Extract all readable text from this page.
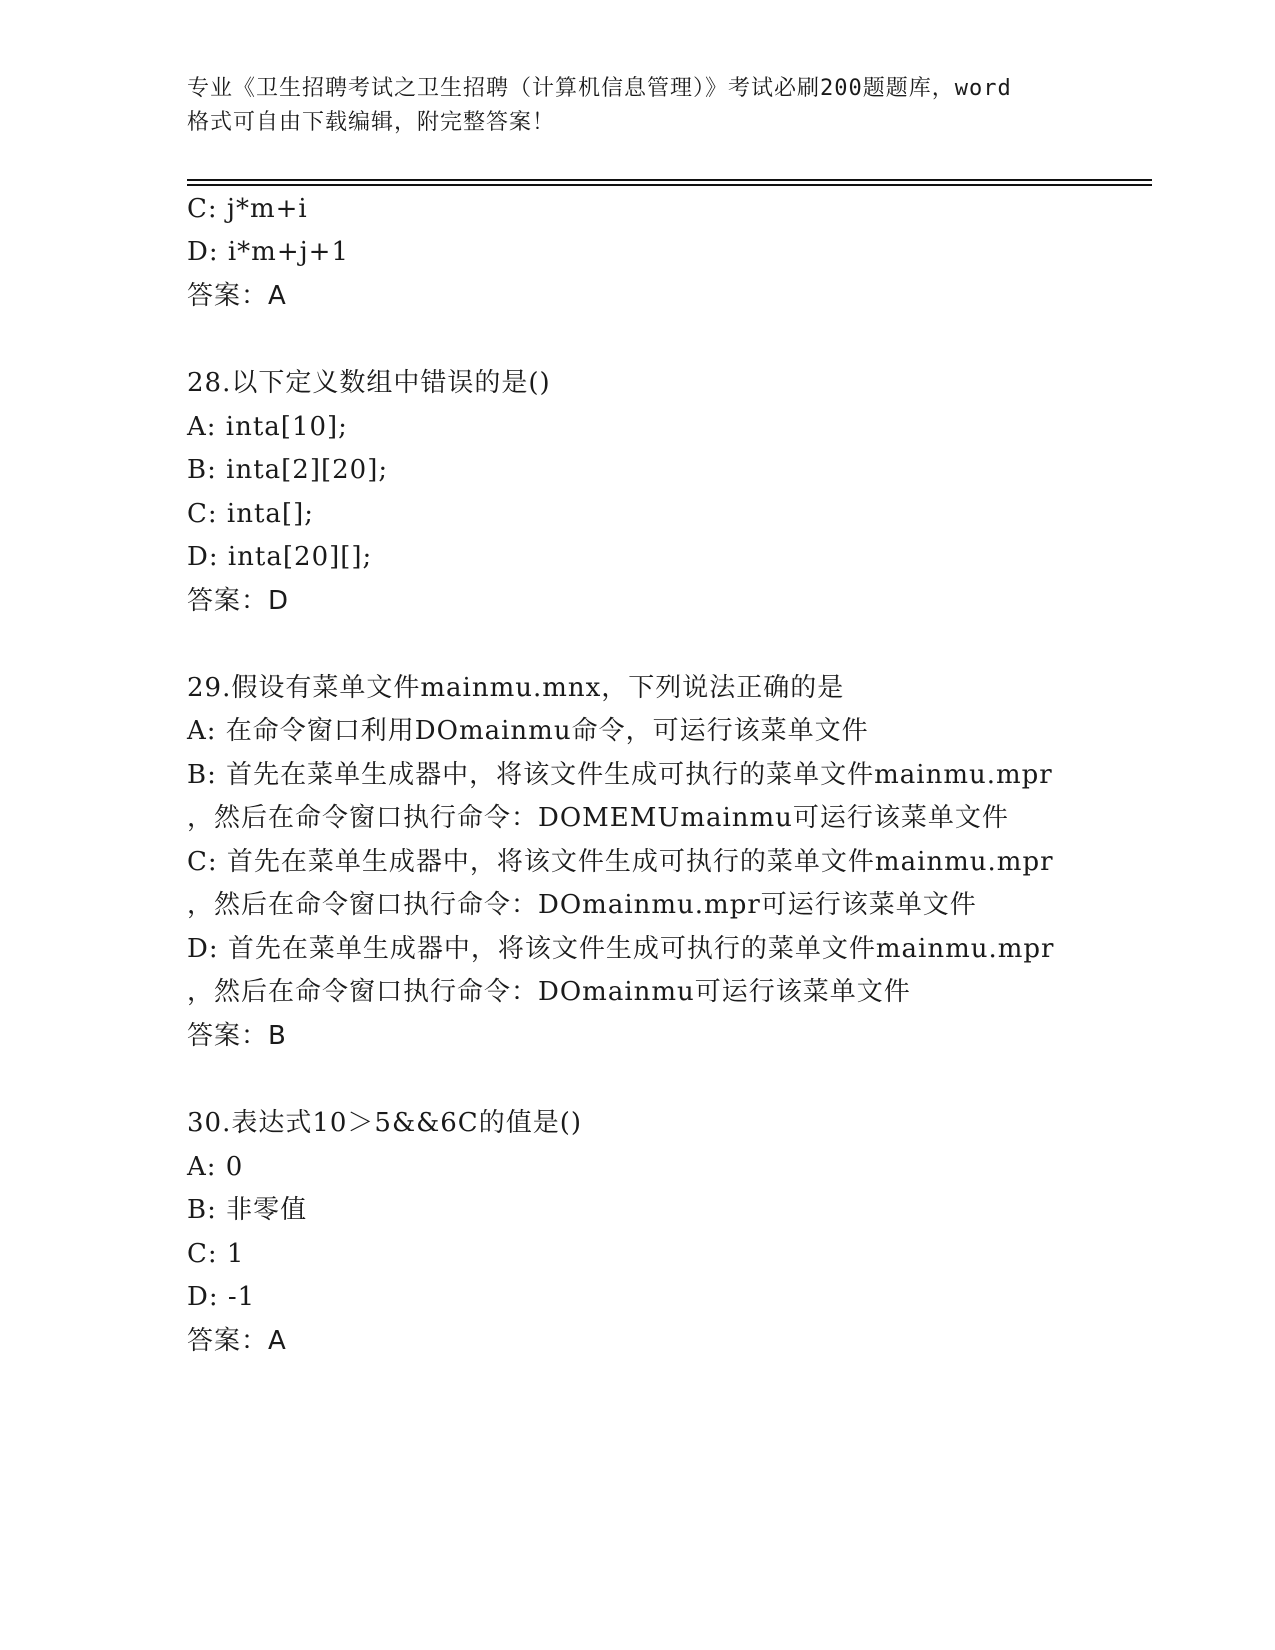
专业《卫生招聘考试之卫生招聘（计算机信息管理）》考试必刷200题题库，word
格式可自由下载编辑，附完整答案！
C: j*m+i
D: i*m+j+1
答案：A
28.以下定义数组中错误的是()
A: inta[10];
B: inta[2][20];
C: inta[];
D: inta[20][];
答案：D
29.假设有菜单文件mainmu.mnx，下列说法正确的是
A: 在命令窗口利用DOmainmu命令，可运行该菜单文件
B: 首先在菜单生成器中，将该文件生成可执行的菜单文件mainmu.mpr
，然后在命令窗口执行命令：DOMEMUmainmu可运行该菜单文件
C: 首先在菜单生成器中，将该文件生成可执行的菜单文件mainmu.mpr
，然后在命令窗口执行命令：DOmainmu.mpr可运行该菜单文件
D: 首先在菜单生成器中，将该文件生成可执行的菜单文件mainmu.mpr
，然后在命令窗口执行命令：DOmainmu可运行该菜单文件
答案：B
30.表达式10＞5&&6C的值是()
A: 0
B: 非零值
C: 1
D: -1
答案：A
